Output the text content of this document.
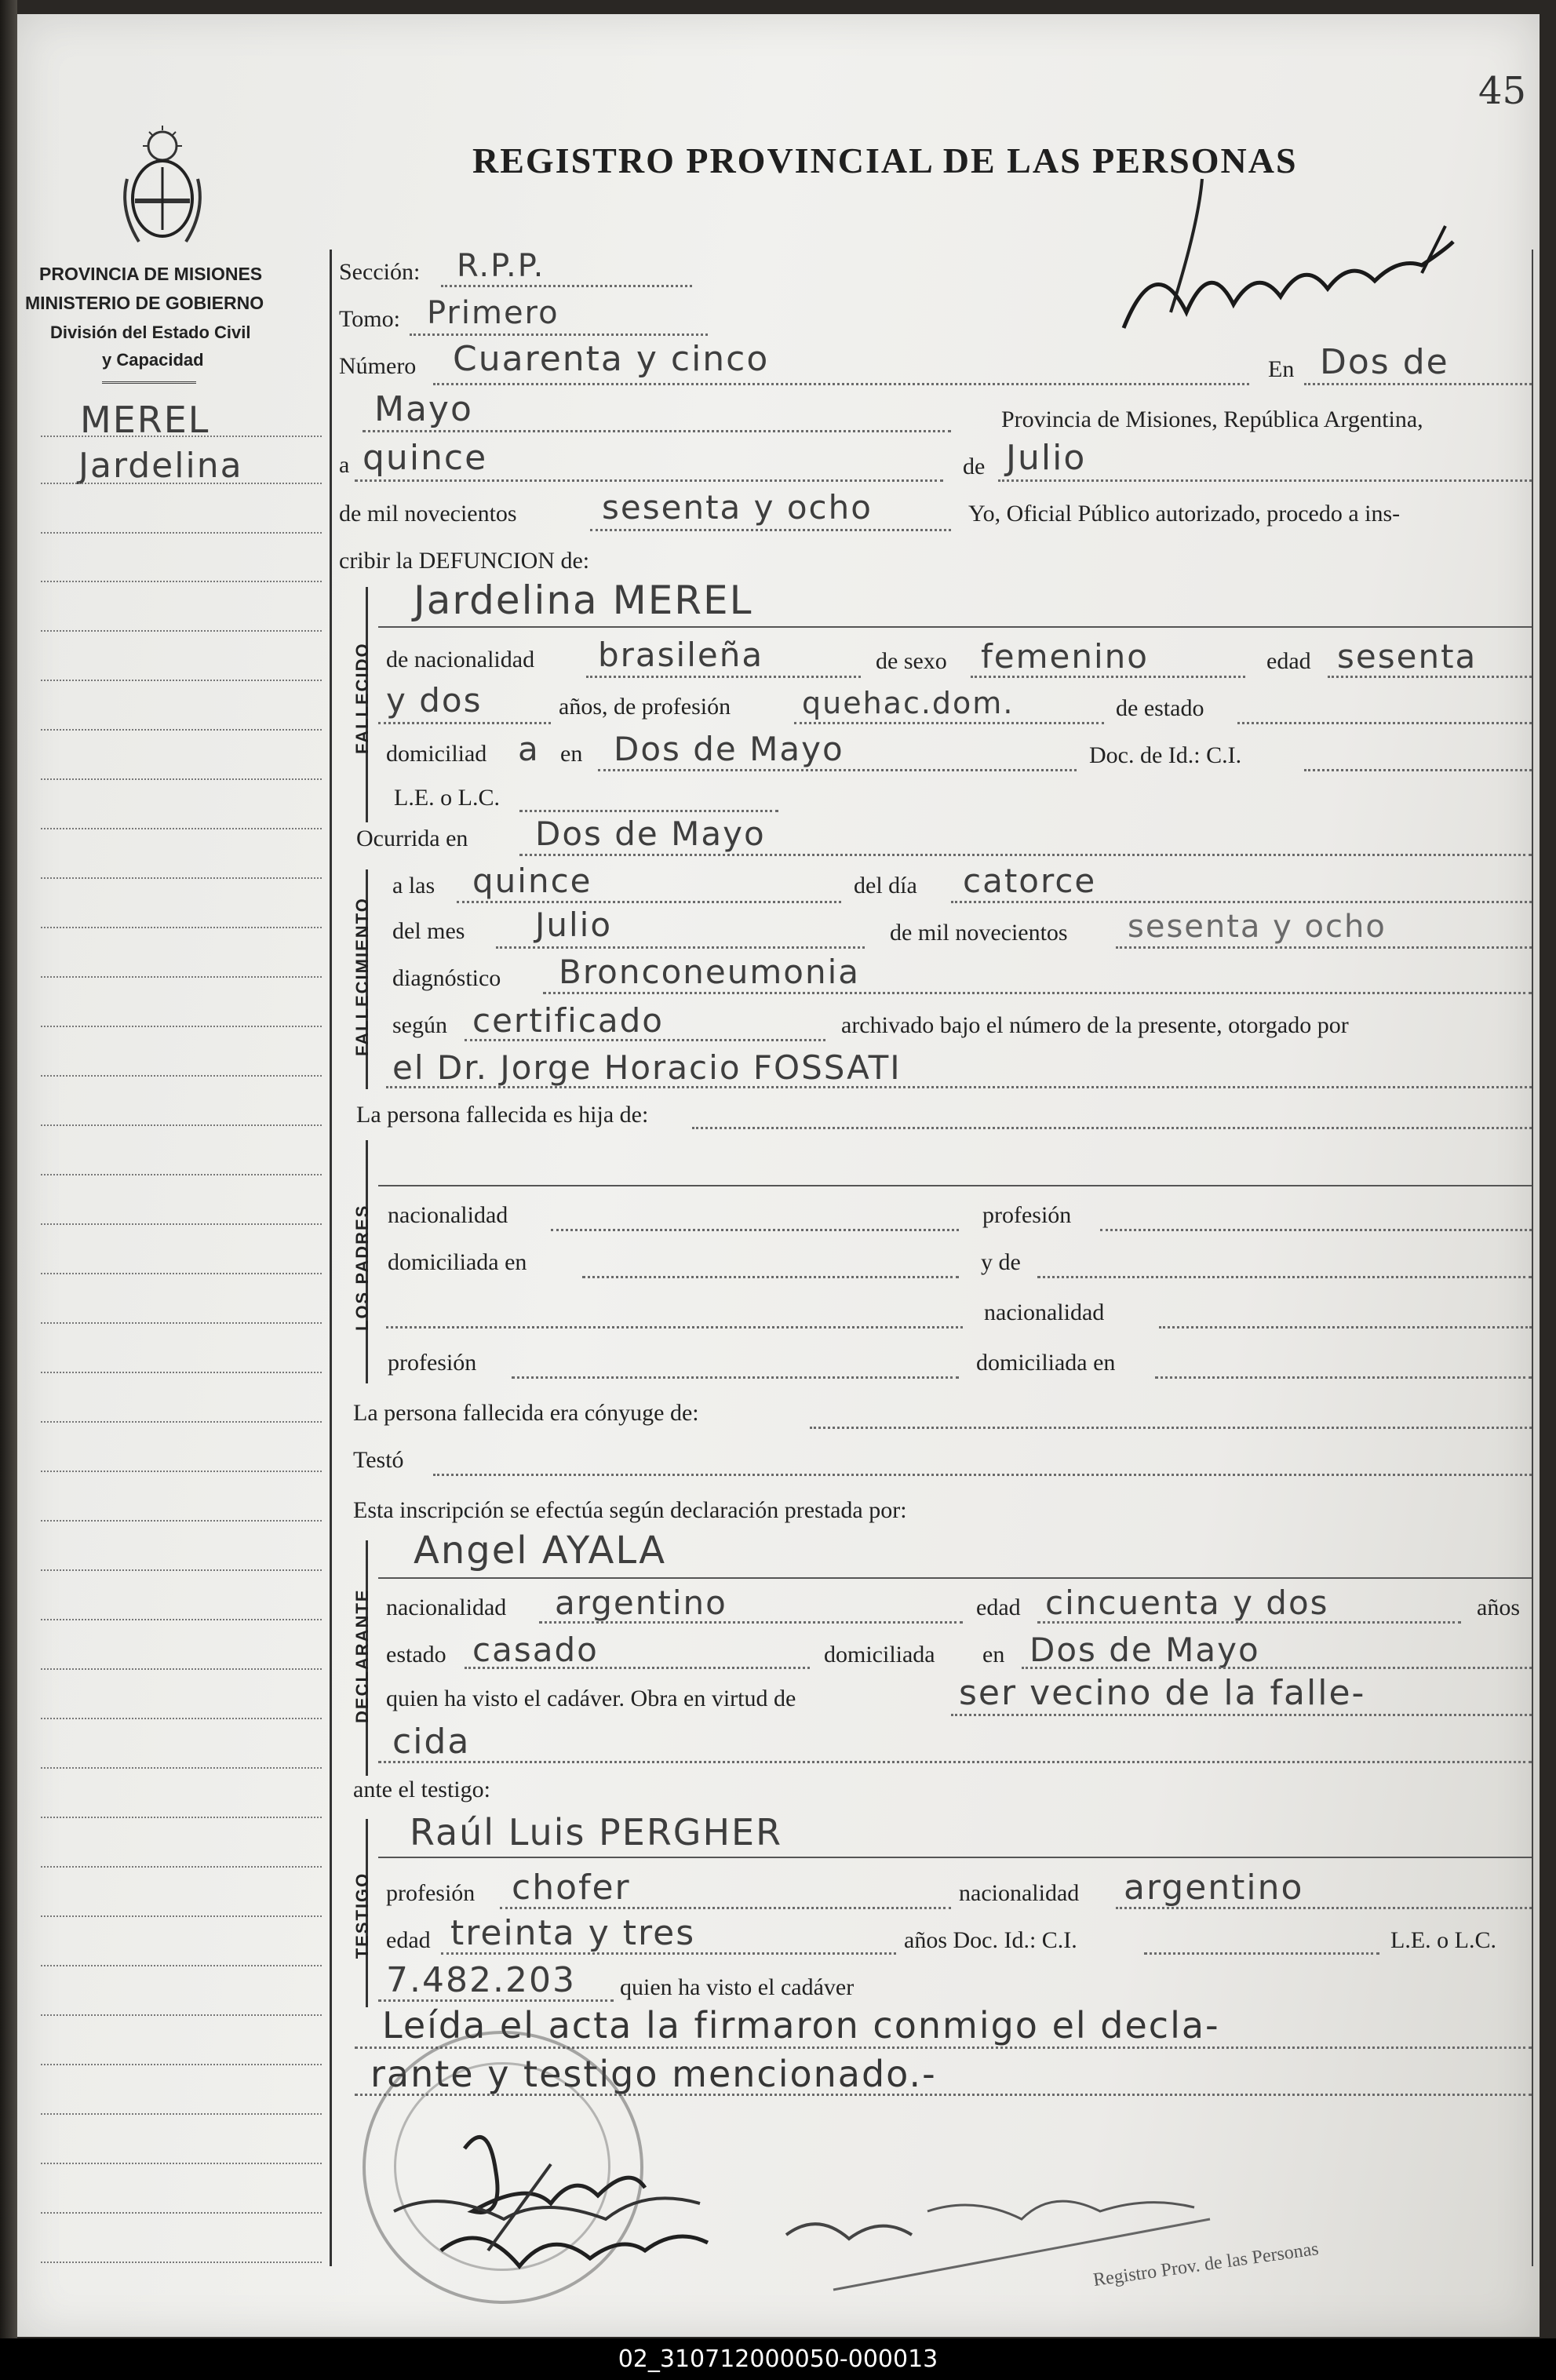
45
PROVINCIA DE MISIONES
MINISTERIO DE GOBIERNO
División del Estado Civil
y Capacidad
MEREL
Jardelina
REGISTRO PROVINCIAL DE LAS PERSONAS
Sección: R.P.P.
Tomo: Primero
Número Cuarenta y cinco	En Dos de
Mayo	Provincia de Misiones, República Argentina,
a quince	de Julio
de mil novecientos	sesenta y ocho	Yo, Oficial Público autorizado, procedo a ins-
cribir la DEFUNCION de:
FALLECIDO
Jardelina MEREL
de nacionalidad brasileña	de sexo femenino	edad sesenta
y dos	años, de profesión quehac.dom.	de estado
domiciliad a en Dos de Mayo	Doc. de Id.: C.I.
L.E. o L.C.
Ocurrida en Dos de Mayo
FALLECIMIENTO
a las quince	del día catorce
del mes Julio	de mil novecientos sesenta y ocho
diagnóstico Bronconeumonia
según certificado	archivado bajo el número de la presente, otorgado por
el Dr. Jorge Horacio FOSSATI
La persona fallecida es hija de:
LOS PADRES nacionalidad	profesión
domiciliada en	y de
nacionalidad
profesión	domiciliada en
La persona fallecida era cónyuge de:
Testó
Esta inscripción se efectúa según declaración prestada por:
DECLARANTE
Angel AYALA
nacionalidad argentino	edad cincuenta y dos	años
estado casado	domiciliada en Dos de Mayo
quien ha visto el cadáver. Obra en virtud de	ser vecino de la falle-
cida
ante el testigo:
TESTIGO
Raúl Luis PERGHER
profesión chofer	nacionalidad argentino
edad treinta y tres	años Doc. Id.: C.I.	L.E. o L.C.
7.482.203 quien ha visto el cadáver
Leída el acta la firmaron conmigo el decla-
rante y testigo mencionado.-
Registro Prov. de las Personas
02_310712000050-000013
